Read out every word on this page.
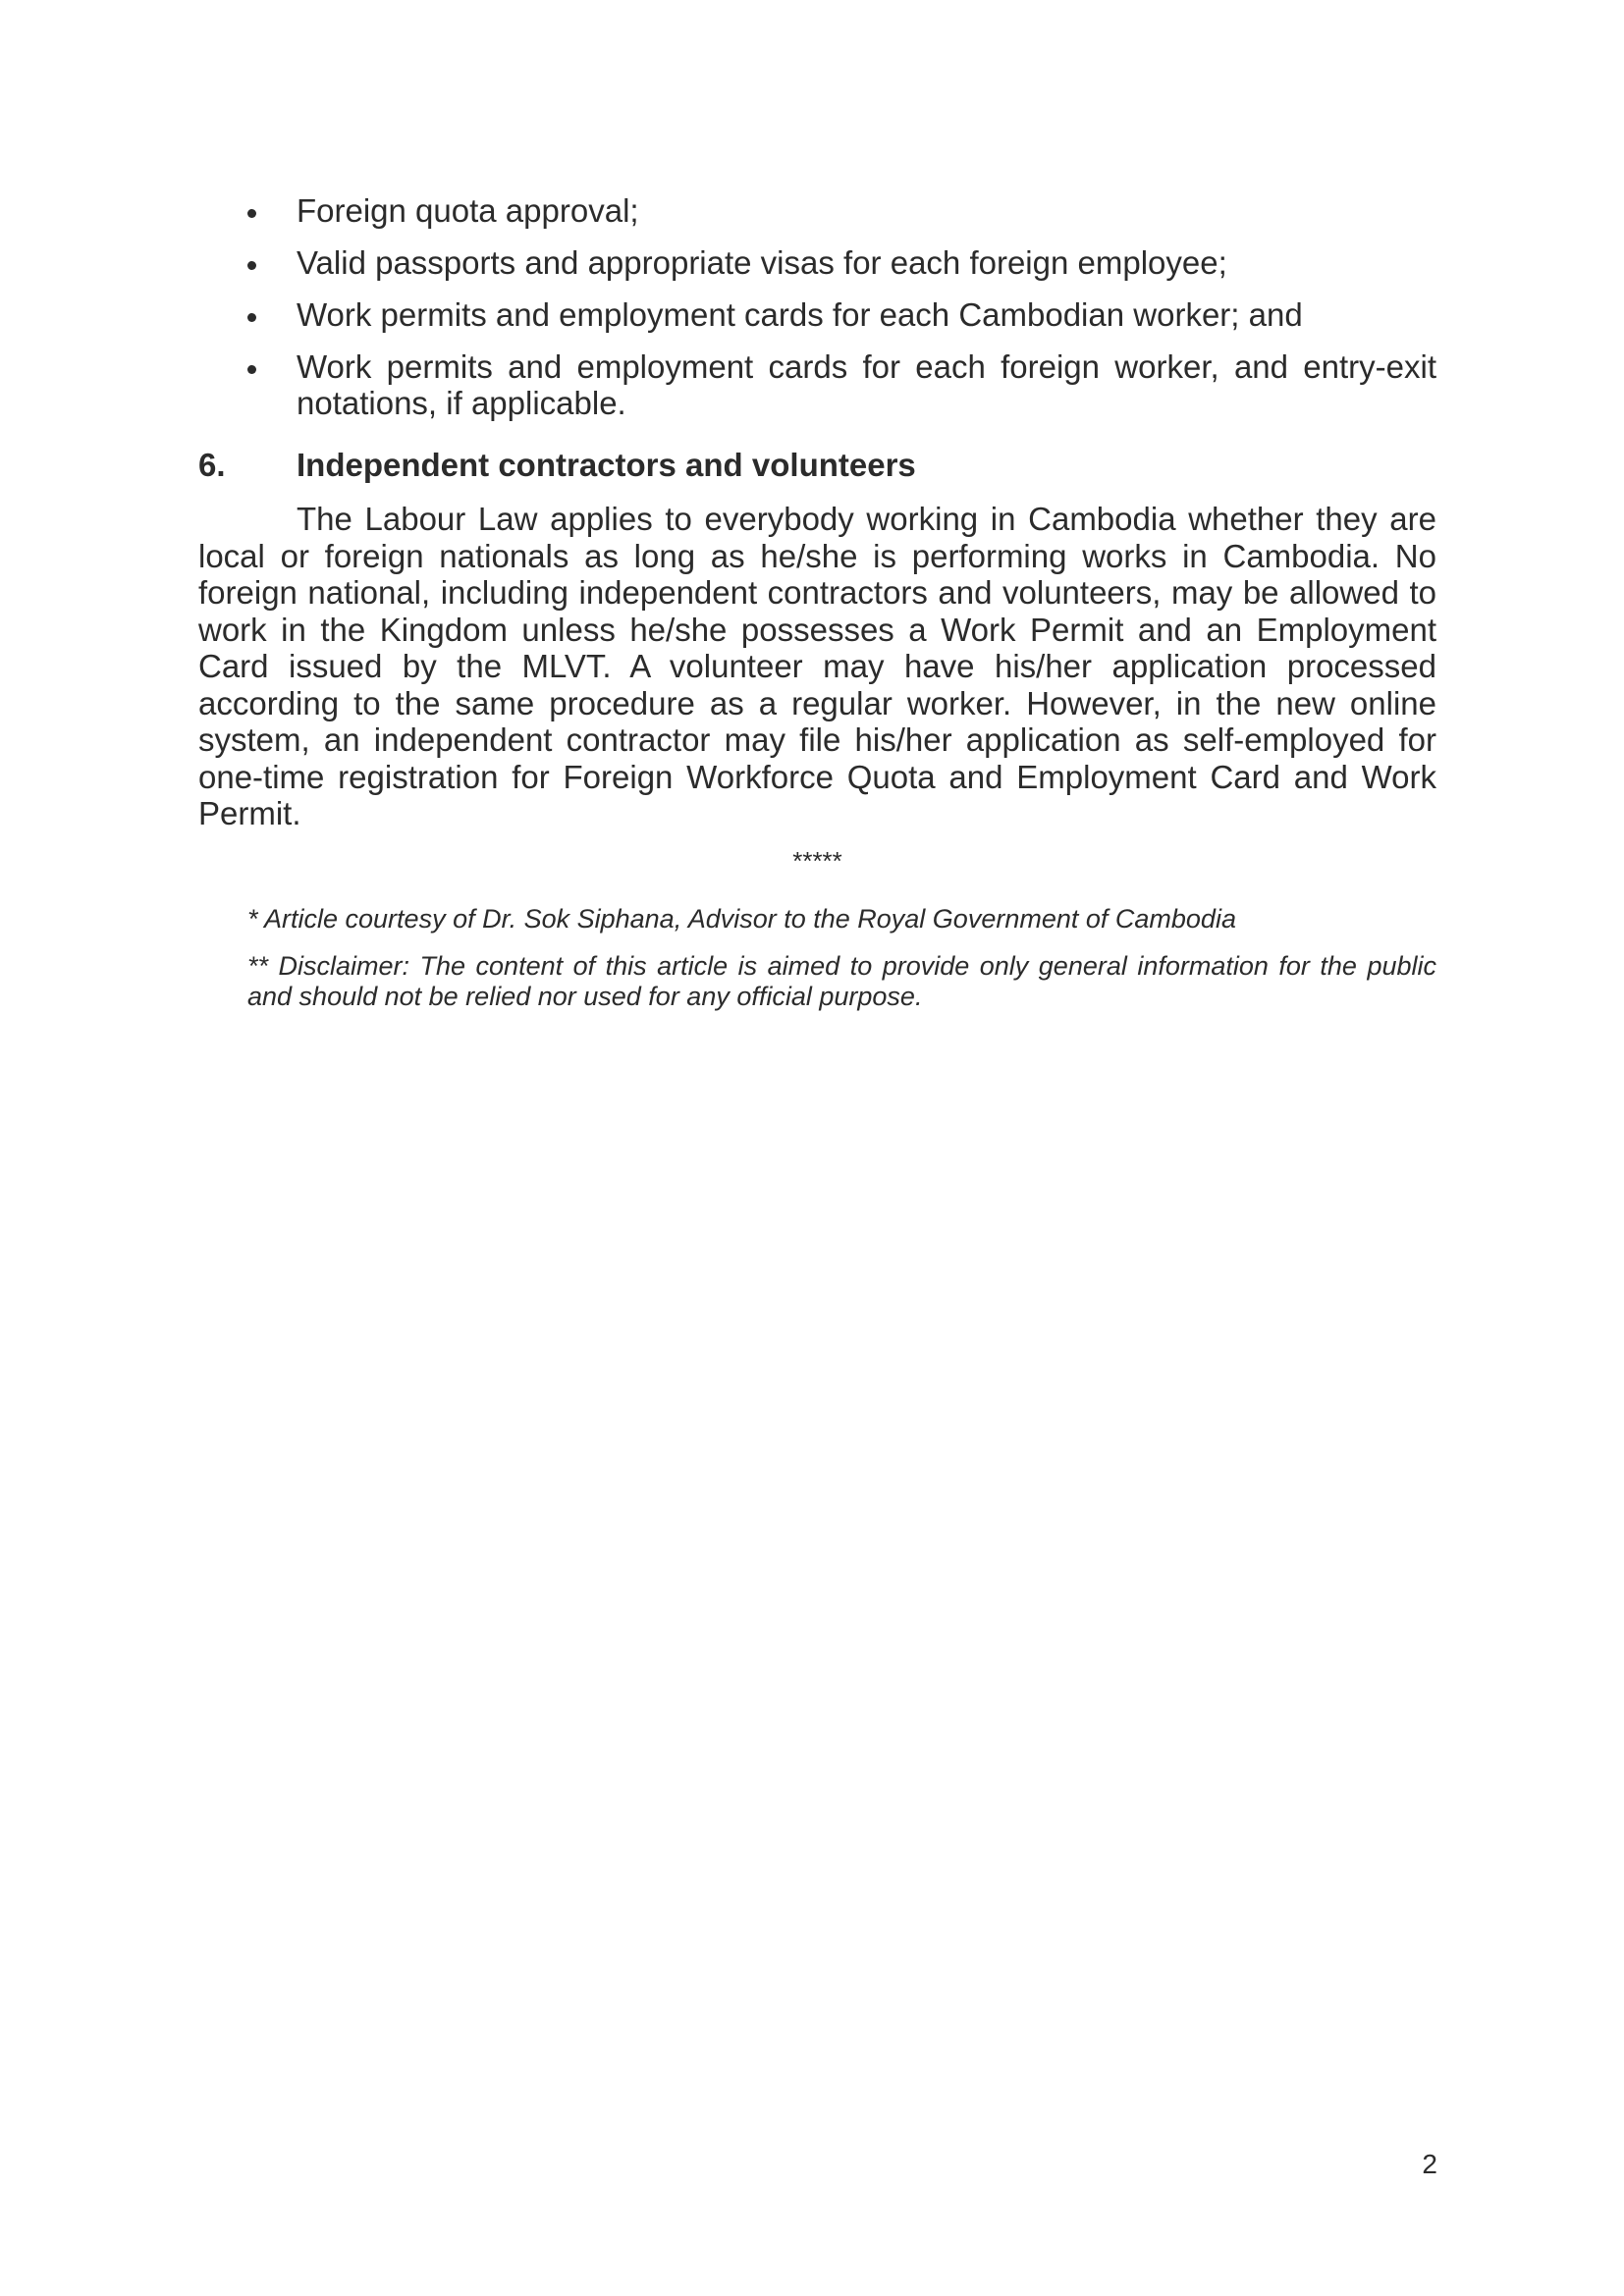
Foreign quota approval;
Valid passports and appropriate visas for each foreign employee;
Work permits and employment cards for each Cambodian worker; and
Work permits and employment cards for each foreign worker, and entry-exit notations, if applicable.
6. Independent contractors and volunteers

The Labour Law applies to everybody working in Cambodia whether they are local or foreign nationals as long as he/she is performing works in Cambodia. No foreign national, including independent contractors and volunteers, may be allowed to work in the Kingdom unless he/she possesses a Work Permit and an Employment Card issued by the MLVT. A volunteer may have his/her application processed according to the same procedure as a regular worker. However, in the new online system, an independent contractor may file his/her application as self-employed for one-time registration for Foreign Workforce Quota and Employment Card and Work Permit.

*****

* Article courtesy of Dr. Sok Siphana, Advisor to the Royal Government of Cambodia

** Disclaimer: The content of this article is aimed to provide only general information for the public and should not be relied nor used for any official purpose.

2
